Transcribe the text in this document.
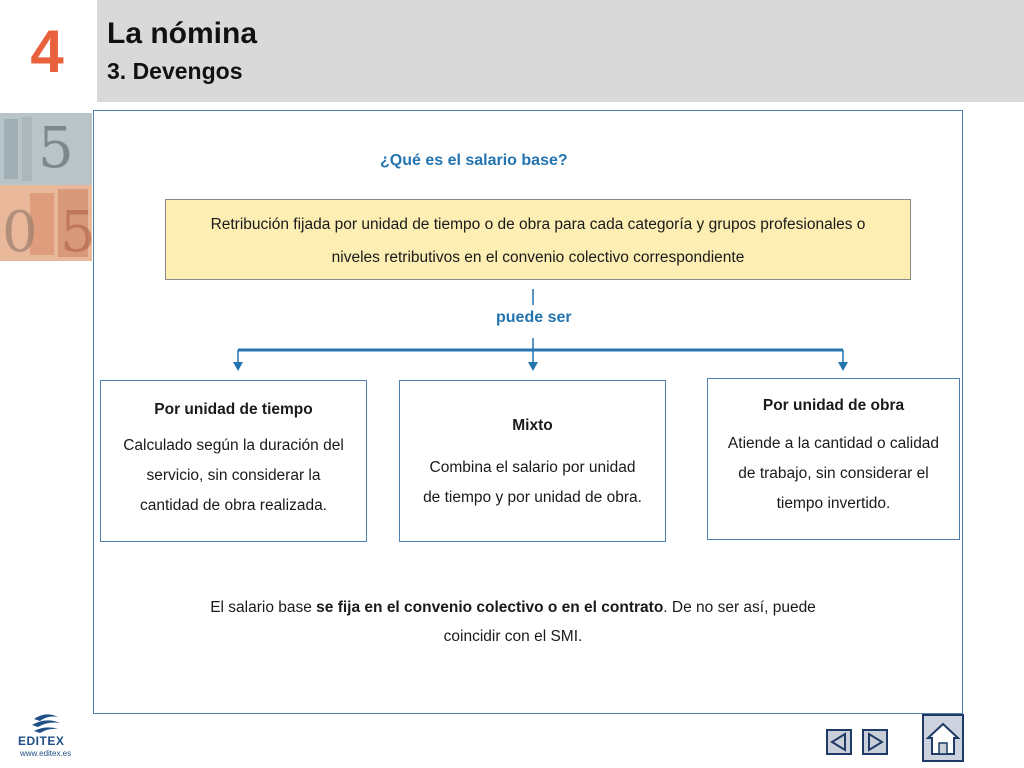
4 La nómina
3. Devengos
5
0 5
¿Qué es el salario base?
Retribución fijada por unidad de tiempo o de obra para cada categoría y grupos profesionales o
niveles retributivos en el convenio colectivo correspondiente
puede ser
Por unidad de tiempo
Calculado según la duración del
servicio, sin considerar la
cantidad de obra realizada.
Mixto
Combina el salario por unidad
de tiempo y por unidad de obra.
Por unidad de obra
Atiende a la cantidad o calidad
de trabajo, sin considerar el
tiempo invertido.
El salario base se fija en el convenio colectivo o en el contrato. De no ser así, puede
coincidir con el SMI.
EDITEX
www.editex.es
